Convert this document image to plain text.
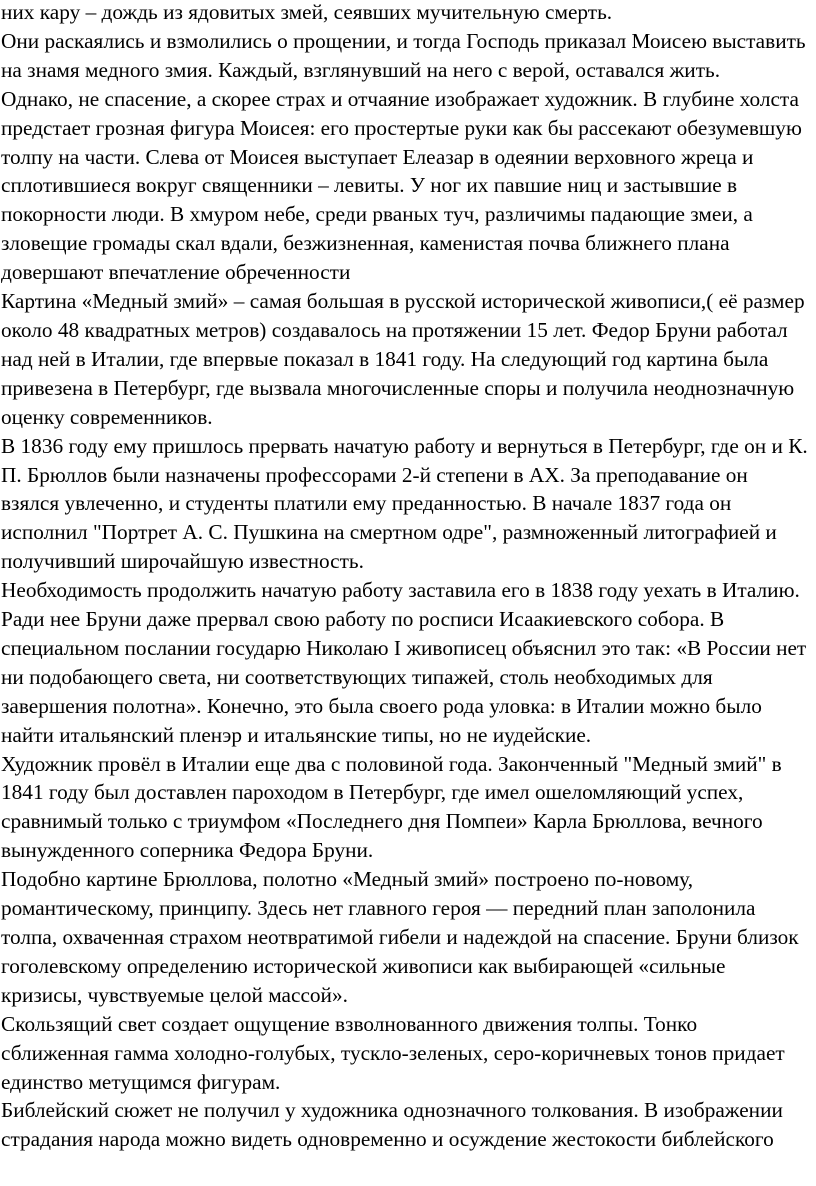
них кару – дождь из ядовитых змей, сеявших мучительную смерть.

Они раскаялись и взмолились о прощении, и тогда Господь приказал Моисею выставить на знамя медного змия. Каждый, взглянувший на него с верой, оставался жить.

Однако, не спасение, а скорее страх и отчаяние изображает художник. В глубине холста предстает грозная фигура Моисея: его простертые руки как бы рассекают обезумевшую толпу на части. Слева от Моисея выступает Елеазар в одеянии верховного жреца и сплотившиеся вокруг священники – левиты. У ног их павшие ниц и застывшие в покорности люди. В хмуром небе, среди рваных туч, различимы падающие змеи, а зловещие громады скал вдали, безжизненная, каменистая почва ближнего плана довершают впечатление обреченности

Картина «Медный змий» – самая большая в русской исторической живописи,( её размер около 48 квадратных метров) создавалось на протяжении 15 лет. Федор Бруни работал над ней в Италии, где впервые показал в 1841 году. На следующий год картина была привезена в Петербург, где вызвала многочисленные споры и получила неоднозначную оценку современников.

В 1836 году ему пришлось прервать начатую работу и вернуться в Петербург, где он и К. П. Брюллов были назначены профессорами 2-й степени в АХ. За преподавание он взялся увлеченно, и студенты платили ему преданностью. В начале 1837 года он исполнил "Портрет А. С. Пушкина на смертном одре", размноженный литографией и получивший широчайшую известность.

Необходимость продолжить начатую работу заставила его в 1838 году уехать в Италию. Ради нее Бруни даже прервал свою работу по росписи Исаакиевского собора. В специальном послании государю Николаю I живописец объяснил это так: «В России нет ни подобающего света, ни соответствующих типажей, столь необходимых для завершения полотна». Конечно, это была своего рода уловка: в Италии можно было найти итальянский пленэр и итальянские типы, но не иудейские.

Художник провёл в Италии еще два с половиной года. Законченный "Медный змий" в 1841 году был доставлен пароходом в Петербург, где имел ошеломляющий успех, сравнимый только с триумфом «Последнего дня Помпеи» Карла Брюллова, вечного вынужденного соперника Федора Бруни.

Подобно картине Брюллова, полотно «Медный змий» построено по-новому, романтическому, принципу. Здесь нет главного героя — передний план заполонила толпа, охваченная страхом неотвратимой гибели и надеждой на спасение. Бруни близок гоголевскому определению исторической живописи как выбирающей «сильные кризисы, чувствуемые целой массой».

Скользящий свет создает ощущение взволнованного движения толпы. Тонко сближенная гамма холодно-голубых, тускло-зеленых, серо-коричневых тонов придает единство метущимся фигурам.

Библейский сюжет не получил у художника однозначного толкования. В изображении страдания народа можно видеть одновременно и осуждение жестокости библейского
